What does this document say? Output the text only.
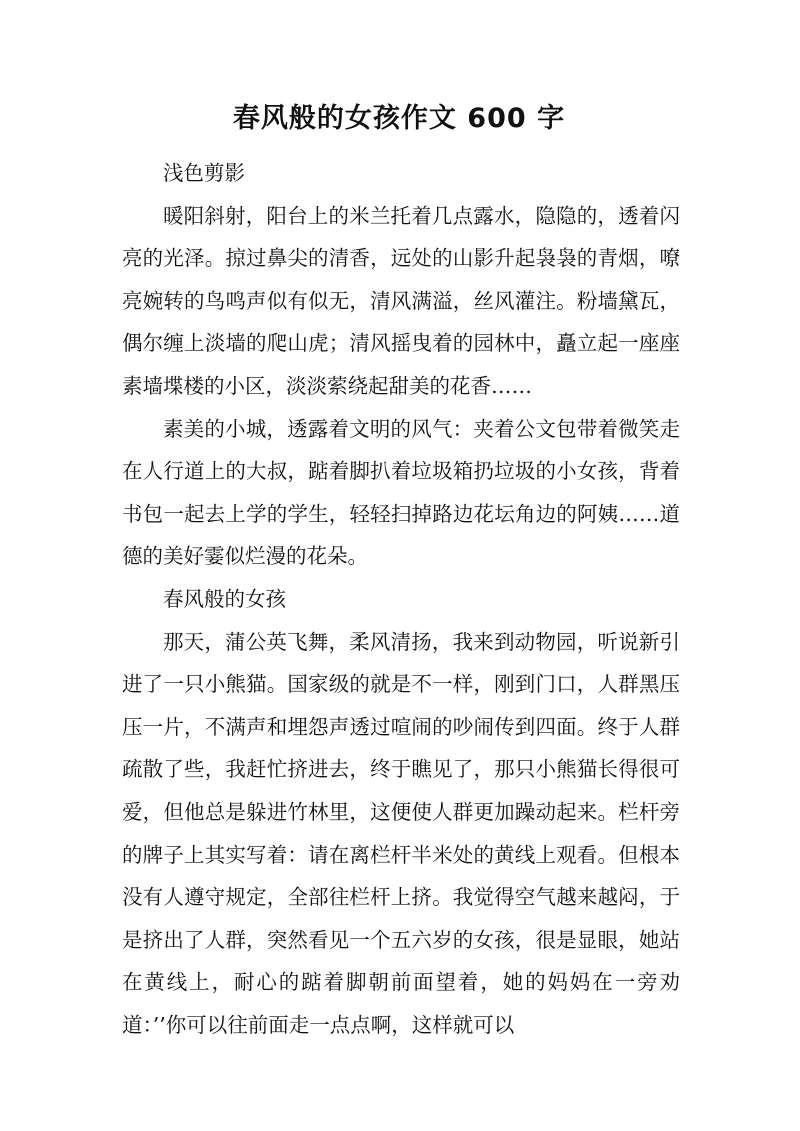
春风般的女孩作文 600 字

浅色剪影

暖阳斜射，阳台上的米兰托着几点露水，隐隐的，透着闪亮的光泽。掠过鼻尖的清香，远处的山影升起袅袅的青烟，嘹亮婉转的鸟鸣声似有似无，清风满溢，丝风灌注。粉墙黛瓦，偶尔缠上淡墙的爬山虎；清风摇曳着的园林中，矗立起一座座素墙堞楼的小区，淡淡萦绕起甜美的花香……

素美的小城，透露着文明的风气：夹着公文包带着微笑走在人行道上的大叔，踮着脚扒着垃圾箱扔垃圾的小女孩，背着书包一起去上学的学生，轻轻扫掉路边花坛角边的阿姨……道德的美好霎似烂漫的花朵。

春风般的女孩

那天，蒲公英飞舞，柔风清扬，我来到动物园，听说新引进了一只小熊猫。国家级的就是不一样，刚到门口，人群黑压压一片，不满声和埋怨声透过喧闹的吵闹传到四面。终于人群疏散了些，我赶忙挤进去，终于瞧见了，那只小熊猫长得很可爱，但他总是躲进竹林里，这便使人群更加躁动起来。栏杆旁的牌子上其实写着：请在离栏杆半米处的黄线上观看。但根本没有人遵守规定，全部往栏杆上挤。我觉得空气越来越闷，于是挤出了人群，突然看见一个五六岁的女孩，很是显眼，她站在黄线上，耐心的踮着脚朝前面望着，她的妈妈在一旁劝道：’’你可以往前面走一点点啊，这样就可以
